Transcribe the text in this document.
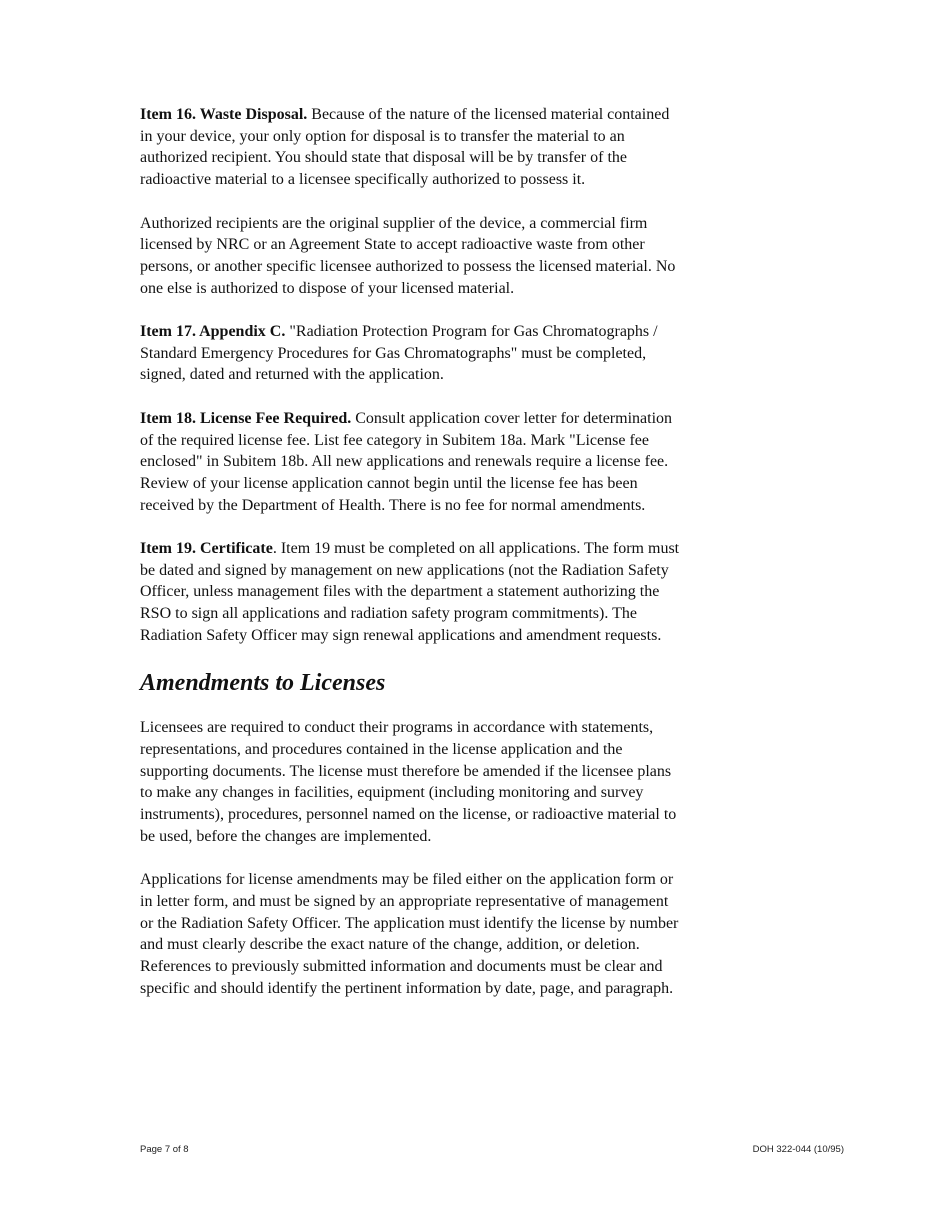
Item 16. Waste Disposal. Because of the nature of the licensed material contained in your device, your only option for disposal is to transfer the material to an authorized recipient. You should state that disposal will be by transfer of the radioactive material to a licensee specifically authorized to possess it.

Authorized recipients are the original supplier of the device, a commercial firm licensed by NRC or an Agreement State to accept radioactive waste from other persons, or another specific licensee authorized to possess the licensed material. No one else is authorized to dispose of your licensed material.

Item 17. Appendix C. "Radiation Protection Program for Gas Chromatographs / Standard Emergency Procedures for Gas Chromatographs" must be completed, signed, dated and returned with the application.

Item 18. License Fee Required. Consult application cover letter for determination of the required license fee. List fee category in Subitem 18a. Mark "License fee enclosed" in Subitem 18b. All new applications and renewals require a license fee. Review of your license application cannot begin until the license fee has been received by the Department of Health. There is no fee for normal amendments.

Item 19. Certificate. Item 19 must be completed on all applications. The form must be dated and signed by management on new applications (not the Radiation Safety Officer, unless management files with the department a statement authorizing the RSO to sign all applications and radiation safety program commitments). The Radiation Safety Officer may sign renewal applications and amendment requests.

Amendments to Licenses

Licensees are required to conduct their programs in accordance with statements, representations, and procedures contained in the license application and the supporting documents. The license must therefore be amended if the licensee plans to make any changes in facilities, equipment (including monitoring and survey instruments), procedures, personnel named on the license, or radioactive material to be used, before the changes are implemented.

Applications for license amendments may be filed either on the application form or in letter form, and must be signed by an appropriate representative of management or the Radiation Safety Officer. The application must identify the license by number and must clearly describe the exact nature of the change, addition, or deletion. References to previously submitted information and documents must be clear and specific and should identify the pertinent information by date, page, and paragraph.

Page 7 of 8	DOH 322-044 (10/95)
